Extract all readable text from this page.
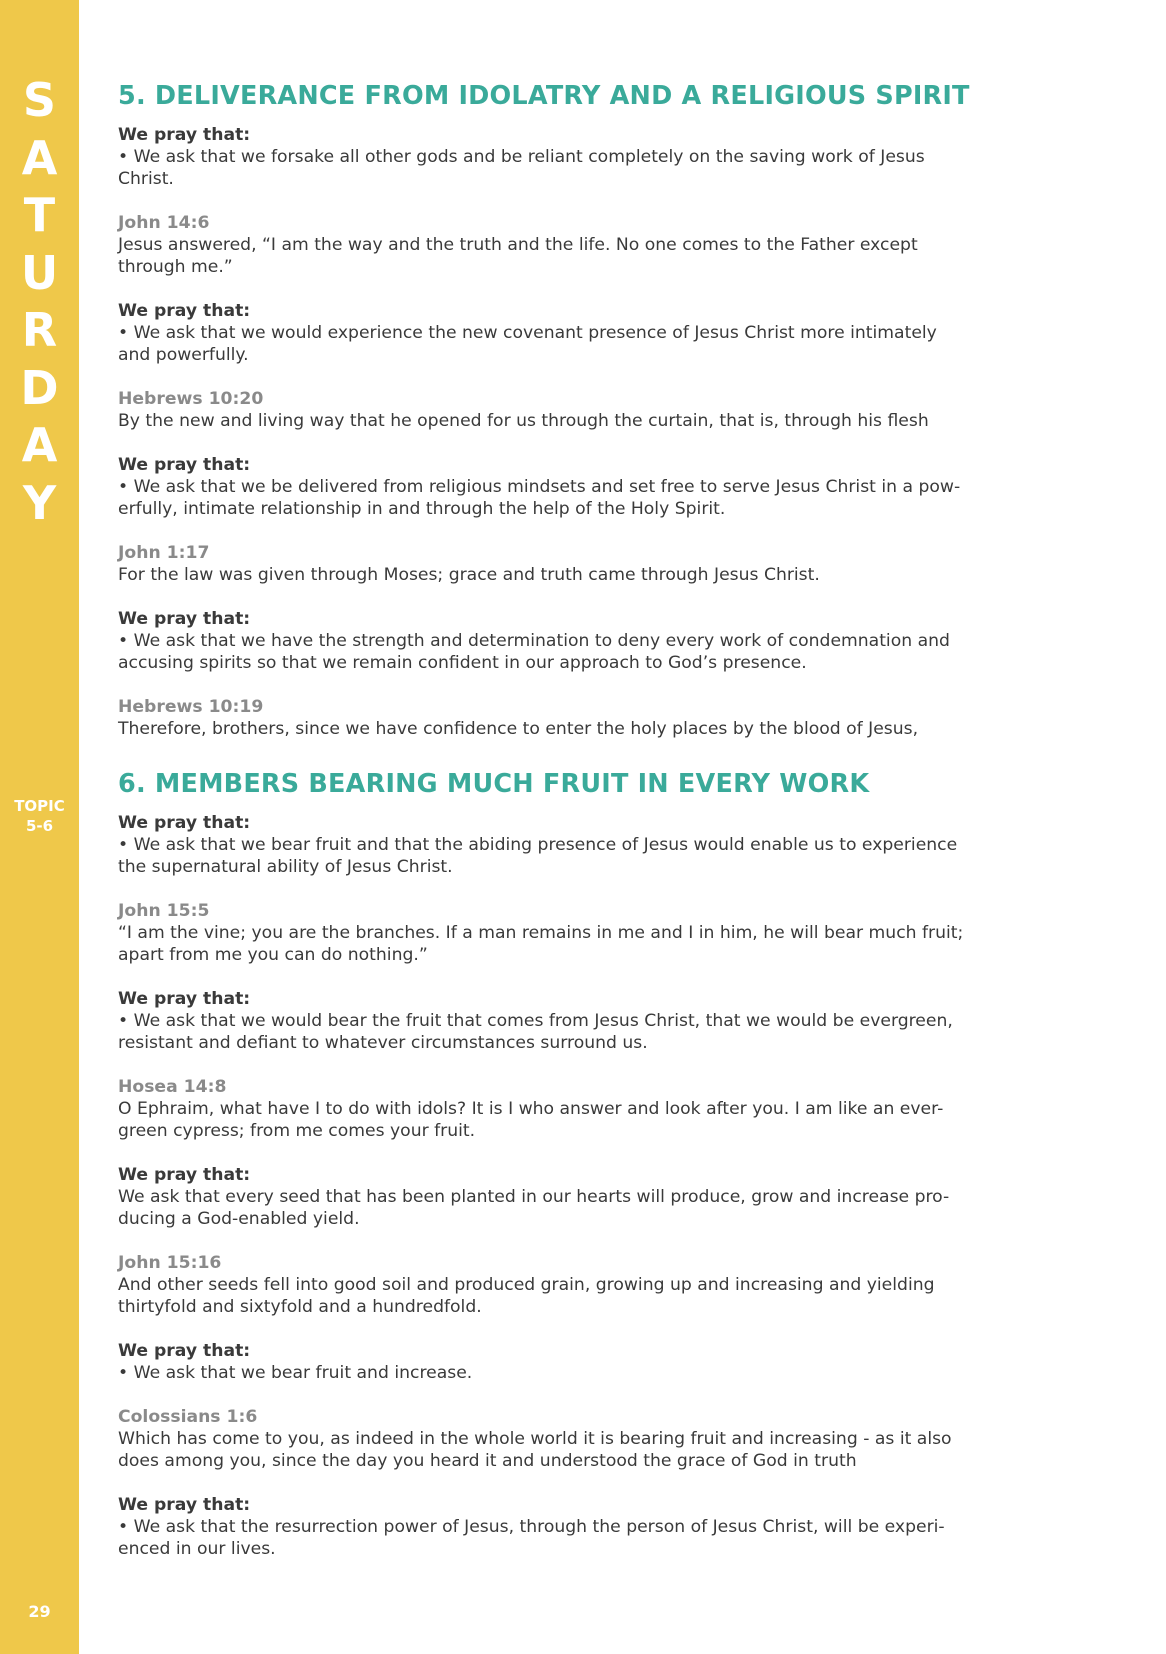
S
A
T
U
R
D
A
Y
TOPIC
5-6
29
5. DELIVERANCE FROM IDOLATRY AND A RELIGIOUS SPIRIT
We pray that:
• We ask that we forsake all other gods and be reliant completely on the saving work of Jesus
Christ.
John 14:6
Jesus answered, “I am the way and the truth and the life. No one comes to the Father except
through me.”
We pray that:
• We ask that we would experience the new covenant presence of Jesus Christ more intimately
and powerfully.
Hebrews 10:20
By the new and living way that he opened for us through the curtain, that is, through his flesh
We pray that:
• We ask that we be delivered from religious mindsets and set free to serve Jesus Christ in a pow-
erfully, intimate relationship in and through the help of the Holy Spirit.
John 1:17
For the law was given through Moses; grace and truth came through Jesus Christ.
We pray that:
• We ask that we have the strength and determination to deny every work of condemnation and
accusing spirits so that we remain confident in our approach to God’s presence.
Hebrews 10:19
Therefore, brothers, since we have confidence to enter the holy places by the blood of Jesus,
6. MEMBERS BEARING MUCH FRUIT IN EVERY WORK
We pray that:
• We ask that we bear fruit and that the abiding presence of Jesus would enable us to experience
the supernatural ability of Jesus Christ.
John 15:5
“I am the vine; you are the branches. If a man remains in me and I in him, he will bear much fruit;
apart from me you can do nothing.”
We pray that:
• We ask that we would bear the fruit that comes from Jesus Christ, that we would be evergreen,
resistant and defiant to whatever circumstances surround us.
Hosea 14:8
O Ephraim, what have I to do with idols? It is I who answer and look after you. I am like an ever-
green cypress; from me comes your fruit.
We pray that:
We ask that every seed that has been planted in our hearts will produce, grow and increase pro-
ducing a God-enabled yield.
John 15:16
And other seeds fell into good soil and produced grain, growing up and increasing and yielding
thirtyfold and sixtyfold and a hundredfold.
We pray that:
• We ask that we bear fruit and increase.
Colossians 1:6
Which has come to you, as indeed in the whole world it is bearing fruit and increasing - as it also
does among you, since the day you heard it and understood the grace of God in truth
We pray that:
• We ask that the resurrection power of Jesus, through the person of Jesus Christ, will be experi-
enced in our lives.
